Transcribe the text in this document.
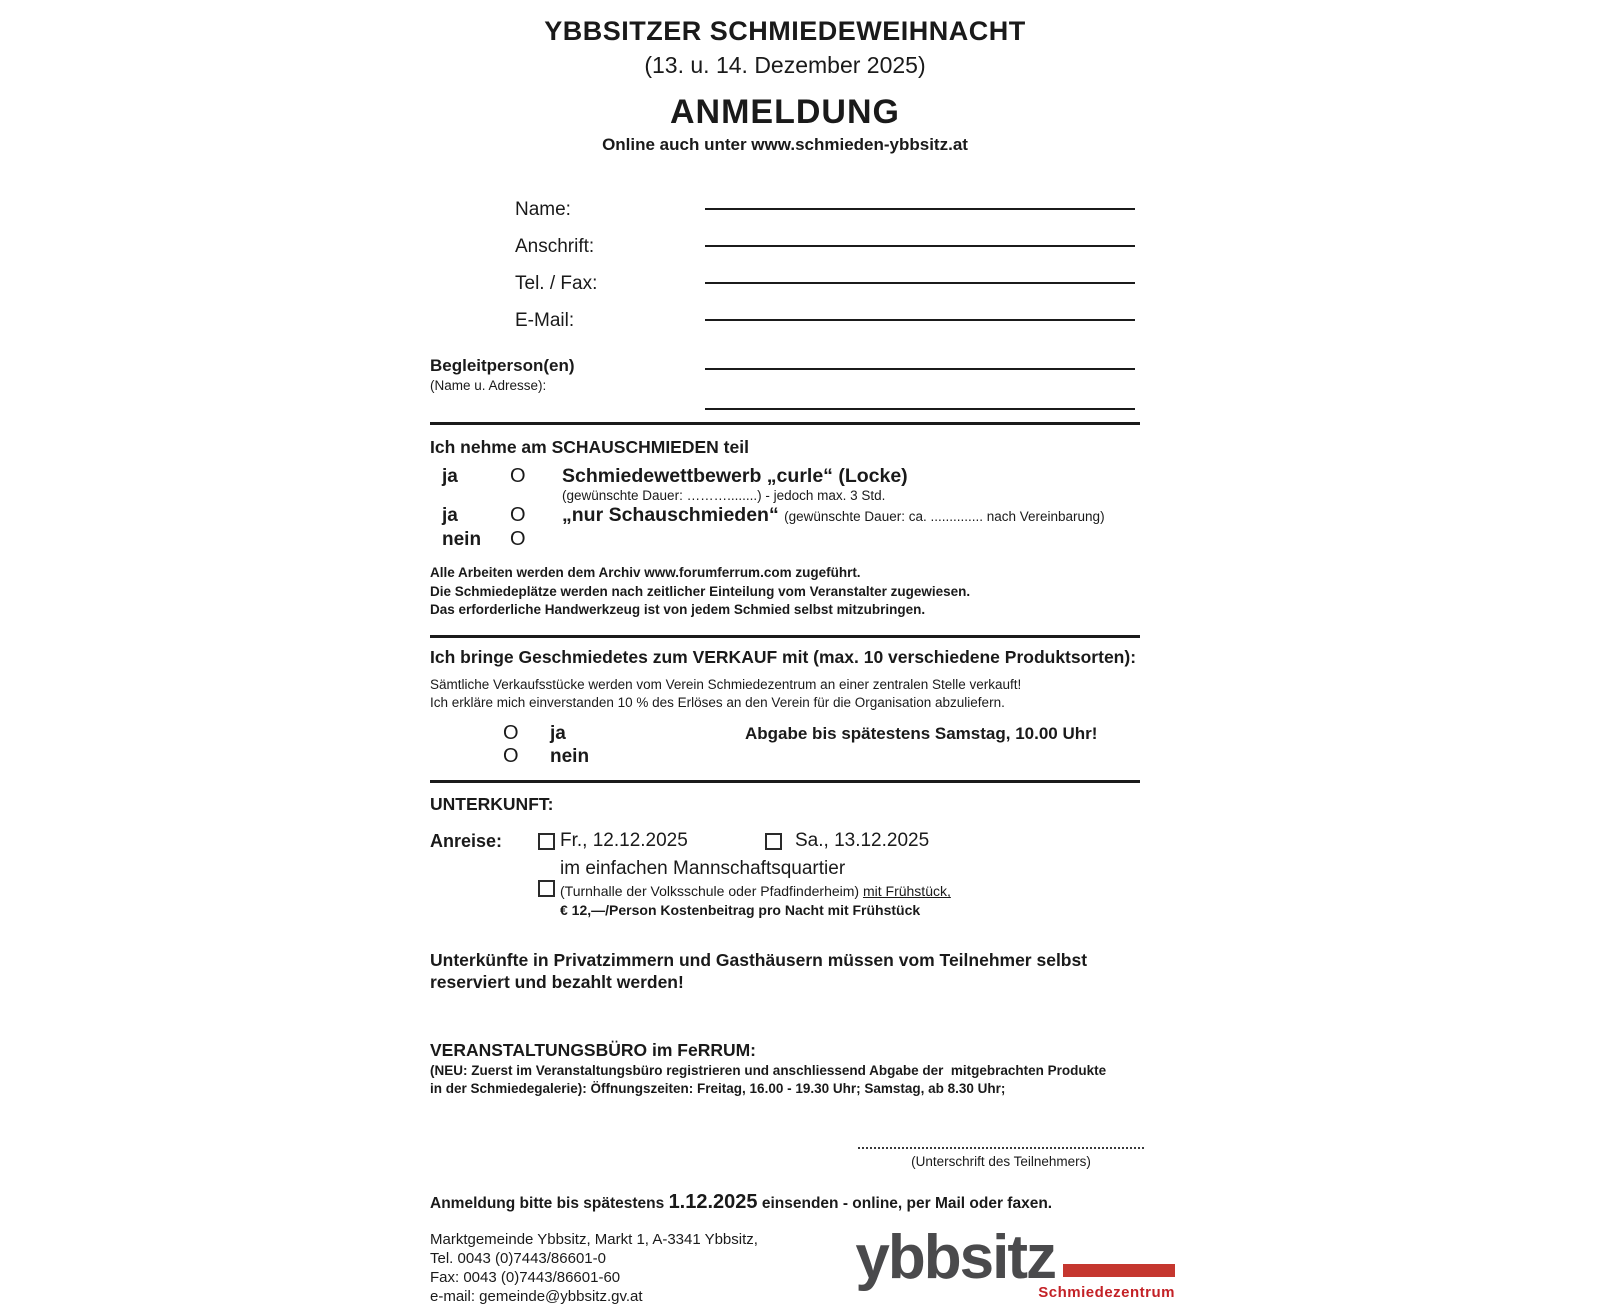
YBBSITZER SCHMIEDEWEIHNACHT
(13. u. 14. Dezember 2025)
ANMELDUNG
Online auch unter www.schmieden-ybbsitz.at
Name:
Anschrift:
Tel. / Fax:
E-Mail:
Begleitperson(en)
(Name u. Adresse):
Ich nehme am SCHAUSCHMIEDEN teil
ja	O	Schmiedewettbewerb „curle“ (Locke)
(gewünschte Dauer: ………........) - jedoch max. 3 Std.
ja	O	„nur Schauschmieden“ (gewünschte Dauer: ca. .............. nach Vereinbarung)
nein	O
Alle Arbeiten werden dem Archiv www.forumferrum.com zugeführt.
Die Schmiedeplätze werden nach zeitlicher Einteilung vom Veranstalter zugewiesen.
Das erforderliche Handwerkzeug ist von jedem Schmied selbst mitzubringen.
Ich bringe Geschmiedetes zum VERKAUF mit (max. 10 verschiedene Produktsorten):
Sämtliche Verkaufsstücke werden vom Verein Schmiedezentrum an einer zentralen Stelle verkauft!
Ich erkläre mich einverstanden 10 % des Erlöses an den Verein für die Organisation abzuliefern.
O	ja	Abgabe bis spätestens Samstag, 10.00 Uhr!
O	nein
UNTERKUNFT:
Anreise:	Fr., 12.12.2025	Sa., 13.12.2025
im einfachen Mannschaftsquartier
(Turnhalle der Volksschule oder Pfadfinderheim) mit Frühstück,
€ 12,—/Person Kostenbeitrag pro Nacht mit Frühstück
Unterkünfte in Privatzimmern und Gasthäusern müssen vom Teilnehmer selbst
reserviert und bezahlt werden!
VERANSTALTUNGSBÜRO im FeRRUM:
(NEU: Zuerst im Veranstaltungsbüro registrieren und anschliessend Abgabe der  mitgebrachten Produkte
in der Schmiedegalerie): Öffnungszeiten: Freitag, 16.00 - 19.30 Uhr; Samstag, ab 8.30 Uhr;
(Unterschrift des Teilnehmers)
Anmeldung bitte bis spätestens 1.12.2025 einsenden - online, per Mail oder faxen.
Marktgemeinde Ybbsitz, Markt 1, A-3341 Ybbsitz,
Tel. 0043 (0)7443/86601-0
Fax: 0043 (0)7443/86601-60
e-mail: gemeinde@ybbsitz.gv.at
ybbsitz
Schmiedezentrum
